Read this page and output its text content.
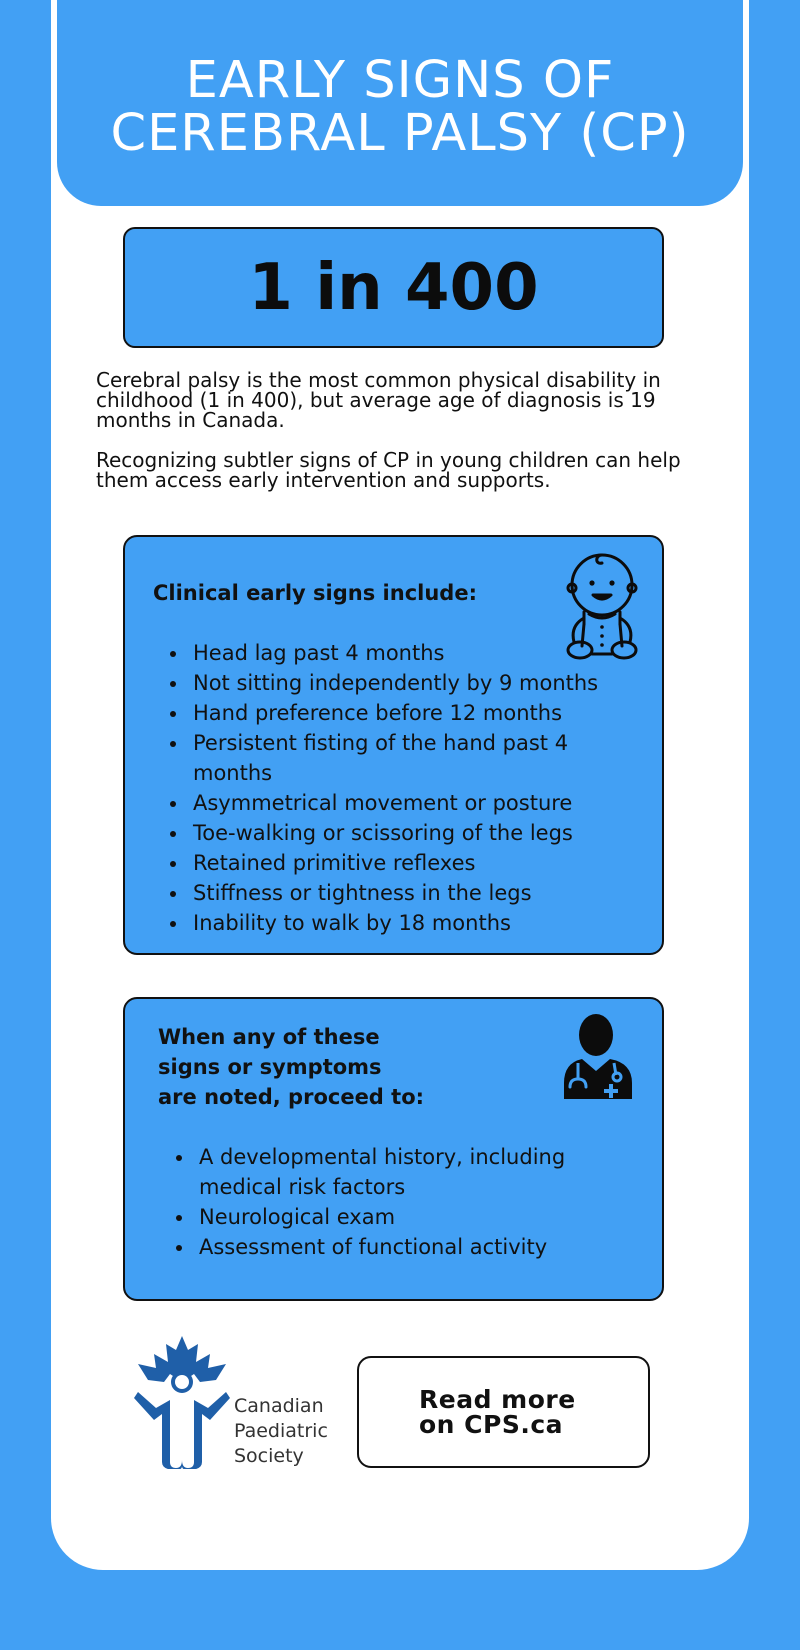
EARLY SIGNS OF
CEREBRAL PALSY (CP)
1 in 400

Cerebral palsy is the most common physical disability in childhood (1 in 400), but average age of diagnosis is 19 months in Canada.

Recognizing subtler signs of CP in young children can help them access early intervention and supports.

Clinical early signs include:
• Head lag past 4 months
• Not sitting independently by 9 months
• Hand preference before 12 months
• Persistent fisting of the hand past 4 months
• Asymmetrical movement or posture
• Toe-walking or scissoring of the legs
• Retained primitive reflexes
• Stiffness or tightness in the legs
• Inability to walk by 18 months
When any of these
signs or symptoms
are noted, proceed to:
• A developmental history, including medical risk factors
• Neurological exam
• Assessment of functional activity
Canadian
Paediatric
Society
Read more
on CPS.ca
